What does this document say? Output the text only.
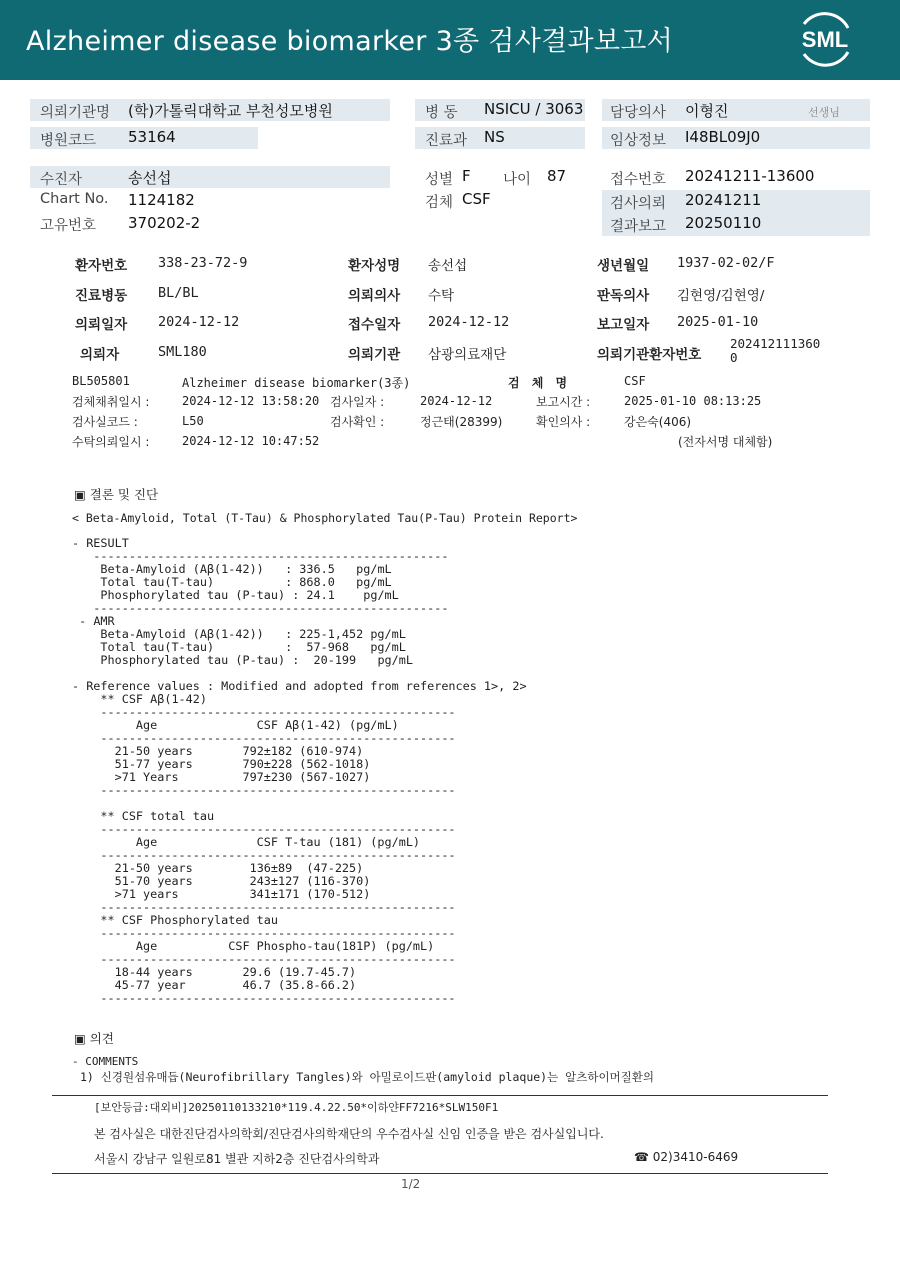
Alzheimer disease biomarker 3종 검사결과보고서	SML
의뢰기관명 (학)가톨릭대학교 부천성모병원	병 동 NSICU / 3063 담당의사 이형진	선생님
병원코드 53164	진료과 NS	임상정보 I48BL09J0
수진자	송선섭	성별 F 나이 87	접수번호 20241211-13600
Chart No. 1124182	검체 CSF	검사의뢰 20241211
고유번호 370202-2	결과보고 20250110
환자번호 338-23-72-9	환자성명 송선섭	생년월일 1937-02-02/F
진료병동 BL/BL	의뢰의사 수탁	판독의사 김현영/김현영/
의뢰일자 2024-12-12	접수일자 2024-12-12	보고일자 2025-01-10
의뢰자	SML180	의뢰기관 삼광의료재단	의뢰기관환자번호
202412111360
0
BL505801	Alzheimer disease biomarker(3종)	검 체 명	CSF
검체채취일시 :	2024-12-12 13:58:20 검사일자 :	2024-12-12	보고시간 :	2025-01-10 08:13:25
검사실코드 :	L50	검사확인 :	정근태(28399)	확인의사 :	강은숙(406)
수탁의뢰일시 :	2024-12-12 10:47:52	(전자서명 대체함)
▣ 결론 및 진단
< Beta-Amyloid, Total (T-Tau) & Phosphorylated Tau(P-Tau) Protein Report>
- RESULT
--------------------------------------------------
Beta-Amyloid (Aβ(1-42))   : 336.5   pg/mL
Total tau(T-tau)          : 868.0   pg/mL
Phosphorylated tau (P-tau) : 24.1    pg/mL
--------------------------------------------------
- AMR
Beta-Amyloid (Aβ(1-42))   : 225-1,452 pg/mL
Total tau(T-tau)          :  57-968   pg/mL
Phosphorylated tau (P-tau) :  20-199   pg/mL

- Reference values : Modified and adopted from references 1>, 2>
** CSF Aβ(1-42)
--------------------------------------------------
Age	CSF Aβ(1-42) (pg/mL)
--------------------------------------------------
21-50 years	792±182 (610-974)
51-77 years	790±228 (562-1018)
>71 Years	797±230 (567-1027)
--------------------------------------------------

** CSF total tau
--------------------------------------------------
Age	CSF T-tau (181) (pg/mL)
--------------------------------------------------
21-50 years	136±89  (47-225)
51-70 years	243±127 (116-370)
>71 years	341±171 (170-512)
--------------------------------------------------
** CSF Phosphorylated tau
--------------------------------------------------
Age	CSF Phospho-tau(181P) (pg/mL)
--------------------------------------------------
18-44 years	29.6 (19.7-45.7)
45-77 year	46.7 (35.8-66.2)
--------------------------------------------------

▣ 의견
- COMMENTS
1) 신경원섬유매듭(Neurofibrillary Tangles)와 아밀로이드판(amyloid plaque)는 알츠하이머질환의
[보안등급:대외비]20250110133210*119.4.22.50*이하얀FF7216*SLW150F1
본 검사실은 대한진단검사의학회/진단검사의학재단의 우수검사실 신임 인증을 받은 검사실입니다.
서울시 강남구 일원로81 별관 지하2층 진단검사의학과	☎ 02)3410-6469
1/2
